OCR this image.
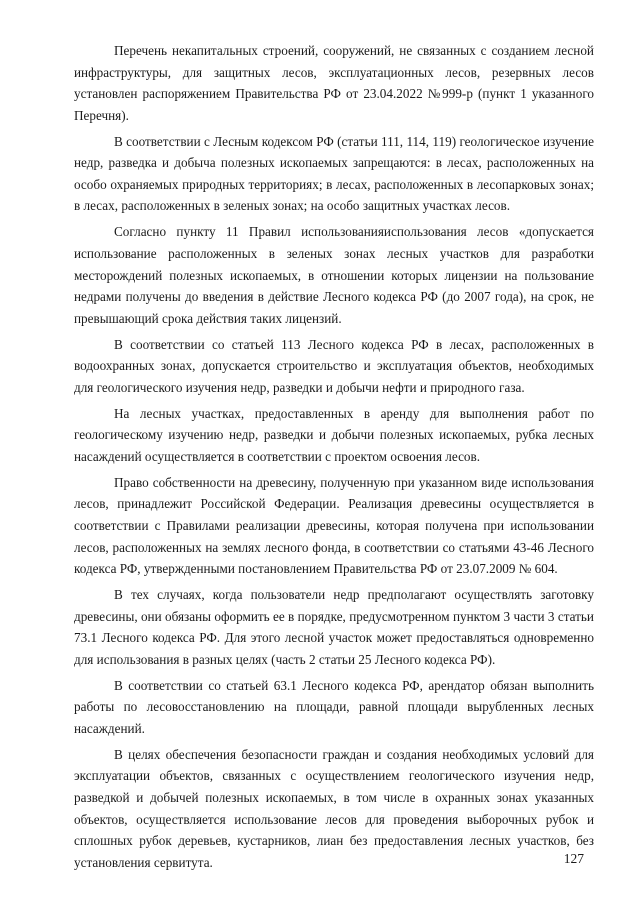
Перечень некапитальных строений, сооружений, не связанных с созданием лесной инфраструктуры, для защитных лесов, эксплуатационных лесов, резервных лесов установлен распоряжением Правительства РФ от 23.04.2022 №999-р (пункт 1 указанного Перечня).

В соответствии с Лесным кодексом РФ (статьи 111, 114, 119) геологическое изучение недр, разведка и добыча полезных ископаемых запрещаются: в лесах, расположенных на особо охраняемых природных территориях; в лесах, расположенных в лесопарковых зонах; в лесах, расположенных в зеленых зонах; на особо защитных участках лесов.

Согласно пункту 11 Правил использованияиспользования лесов «допускается использование расположенных в зеленых зонах лесных участков для разработки месторождений полезных ископаемых, в отношении которых лицензии на пользование недрами получены до введения в действие Лесного кодекса РФ (до 2007 года), на срок, не превышающий срока действия таких лицензий.

В соответствии со статьей 113 Лесного кодекса РФ в лесах, расположенных в водоохранных зонах, допускается строительство и эксплуатация объектов, необходимых для геологического изучения недр, разведки и добычи нефти и природного газа.

На лесных участках, предоставленных в аренду для выполнения работ по геологическому изучению недр, разведки и добычи полезных ископаемых, рубка лесных насаждений осуществляется в соответствии с проектом освоения лесов.

Право собственности на древесину, полученную при указанном виде использования лесов, принадлежит Российской Федерации. Реализация древесины осуществляется в соответствии с Правилами реализации древесины, которая получена при использовании лесов, расположенных на землях лесного фонда, в соответствии со статьями 43-46 Лесного кодекса РФ, утвержденными постановлением Правительства РФ от 23.07.2009 № 604.

В тех случаях, когда пользователи недр предполагают осуществлять заготовку древесины, они обязаны оформить ее в порядке, предусмотренном пунктом 3 части 3 статьи 73.1 Лесного кодекса РФ. Для этого лесной участок может предоставляться одновременно для использования в разных целях (часть 2 статьи 25 Лесного кодекса РФ).

В соответствии со статьей 63.1 Лесного кодекса РФ, арендатор обязан выполнить работы по лесовосстановлению на площади, равной площади вырубленных лесных насаждений.

В целях обеспечения безопасности граждан и создания необходимых условий для эксплуатации объектов, связанных с осуществлением геологического изучения недр, разведкой и добычей полезных ископаемых, в том числе в охранных зонах указанных объектов, осуществляется использование лесов для проведения выборочных рубок и сплошных рубок деревьев, кустарников, лиан без предоставления лесных участков, без установления сервитута.	127
